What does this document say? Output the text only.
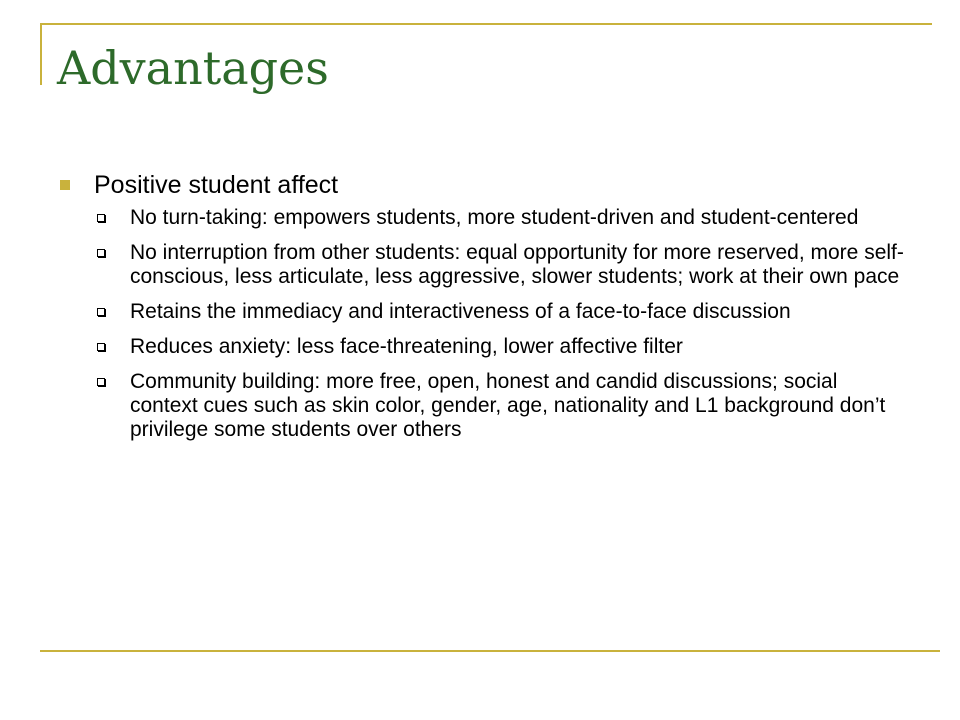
Advantages
Positive student affect
No turn-taking: empowers students, more student-driven and student-centered
No interruption from other students: equal opportunity for more reserved, more self-conscious, less articulate, less aggressive, slower students; work at their own pace
Retains the immediacy and interactiveness of a face-to-face discussion
Reduces anxiety: less face-threatening, lower affective filter
Community building: more free, open, honest and candid discussions; social context cues such as skin color, gender, age, nationality and L1 background don’t privilege some students over others
